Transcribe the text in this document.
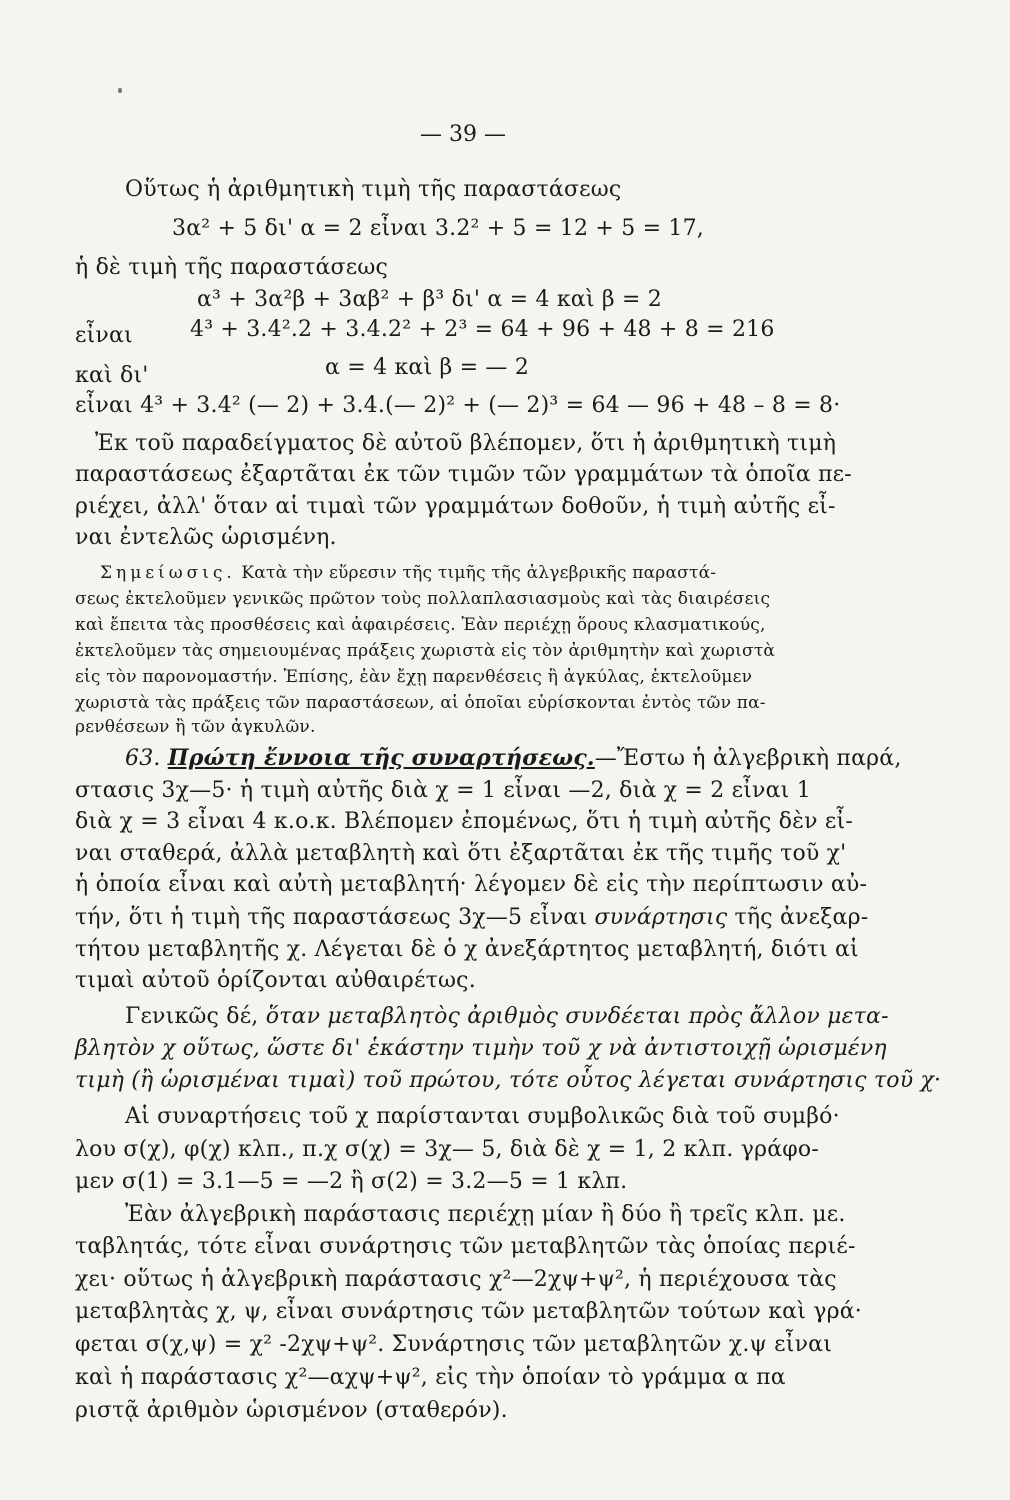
— 39 —
Οὕτως ἡ ἀριθμητικὴ τιμὴ τῆς παραστάσεως
3α² + 5 δι' α = 2 εἶναι 3.2² + 5 = 12 + 5 = 17,
ἡ δὲ τιμὴ τῆς παραστάσεως
α³ + 3α²β + 3αβ² + β³ δι' α = 4 καὶ β = 2
εἶναι	4³ + 3.4².2 + 3.4.2² + 2³ = 64 + 96 + 48 + 8 = 216
καὶ δι'	α = 4 καὶ β = — 2
εἶναι 4³ + 3.4² (— 2) + 3.4.(— 2)² + (— 2)³ = 64 — 96 + 48 – 8 = 8·
Ἐκ τοῦ παραδείγματος δὲ αὐτοῦ βλέπομεν, ὅτι ἡ ἀριθμητικὴ τιμὴ
παραστάσεως ἐξαρτᾶται ἐκ τῶν τιμῶν τῶν γραμμάτων τὰ ὁποῖα πε-
ριέχει, ἀλλ' ὅταν αἱ τιμαὶ τῶν γραμμάτων δοθοῦν, ἡ τιμὴ αὐτῆς εἶ-
ναι ἐντελῶς ὡρισμένη.
Σημείωσις. Κατὰ τὴν εὕρεσιν τῆς τιμῆς τῆς ἀλγεβρικῆς παραστά-
σεως ἐκτελοῦμεν γενικῶς πρῶτον τοὺς πολλαπλασιασμοὺς καὶ τὰς διαιρέσεις
καὶ ἔπειτα τὰς προσθέσεις καὶ ἀφαιρέσεις. Ἐὰν περιέχῃ ὅρους κλασματικούς,
ἐκτελοῦμεν τὰς σημειουμένας πράξεις χωριστὰ εἰς τὸν ἀριθμητὴν καὶ χωριστὰ
εἰς τὸν παρονομαστήν. Ἐπίσης, ἐὰν ἔχῃ παρενθέσεις ἢ ἀγκύλας, ἐκτελοῦμεν
χωριστὰ τὰς πράξεις τῶν παραστάσεων, αἱ ὁποῖαι εὑρίσκονται ἐντὸς τῶν πα-
ρενθέσεων ἢ τῶν ἀγκυλῶν.
63. Πρώτη ἔννοια τῆς συναρτήσεως.—Ἔστω ἡ ἀλγεβρικὴ παρά,
στασις 3χ—5· ἡ τιμὴ αὐτῆς διὰ χ = 1 εἶναι —2, διὰ χ = 2 εἶναι 1
διὰ χ = 3 εἶναι 4 κ.ο.κ. Βλέπομεν ἐπομένως, ὅτι ἡ τιμὴ αὐτῆς δὲν εἶ-
ναι σταθερά, ἀλλὰ μεταβλητὴ καὶ ὅτι ἐξαρτᾶται ἐκ τῆς τιμῆς τοῦ χ'
ἡ ὁποία εἶναι καὶ αὐτὴ μεταβλητή· λέγομεν δὲ εἰς τὴν περίπτωσιν αὐ-
τήν, ὅτι ἡ τιμὴ τῆς παραστάσεως 3χ—5 εἶναι συνάρτησις τῆς ἀνεξαρ-
τήτου μεταβλητῆς χ. Λέγεται δὲ ὁ χ ἀνεξάρτητος μεταβλητή, διότι αἱ
τιμαὶ αὐτοῦ ὁρίζονται αὐθαιρέτως.
Γενικῶς δέ, ὅταν μεταβλητὸς ἀριθμὸς συνδέεται πρὸς ἄλλον μετα-
βλητὸν χ οὕτως, ὥστε δι' ἑκάστην τιμὴν τοῦ χ νὰ ἀντιστοιχῇ ὡρισμένη
τιμὴ (ἢ ὡρισμέναι τιμαὶ) τοῦ πρώτου, τότε οὗτος λέγεται συνάρτησις τοῦ χ·
Αἱ συναρτήσεις τοῦ χ παρίστανται συμβολικῶς διὰ τοῦ συμβό·
λου σ(χ), φ(χ) κλπ., π.χ σ(χ) = 3χ— 5, διὰ δὲ χ = 1, 2 κλπ. γράφο-
μεν σ(1) = 3.1—5 = —2 ἢ σ(2) = 3.2—5 = 1 κλπ.
Ἐὰν ἀλγεβρικὴ παράστασις περιέχῃ μίαν ἢ δύο ἢ τρεῖς κλπ. με.
ταβλητάς, τότε εἶναι συνάρτησις τῶν μεταβλητῶν τὰς ὁποίας περιέ-
χει· οὕτως ἡ ἀλγεβρικὴ παράστασις χ²—2χψ+ψ², ἡ περιέχουσα τὰς
μεταβλητὰς χ, ψ, εἶναι συνάρτησις τῶν μεταβλητῶν τούτων καὶ γρά·
φεται σ(χ,ψ) = χ² -2χψ+ψ². Συνάρτησις τῶν μεταβλητῶν χ.ψ εἶναι
καὶ ἡ παράστασις χ²—αχψ+ψ², εἰς τὴν ὁποίαν τὸ γράμμα α πα
ριστᾷ ἀριθμὸν ὡρισμένον (σταθερόν).
